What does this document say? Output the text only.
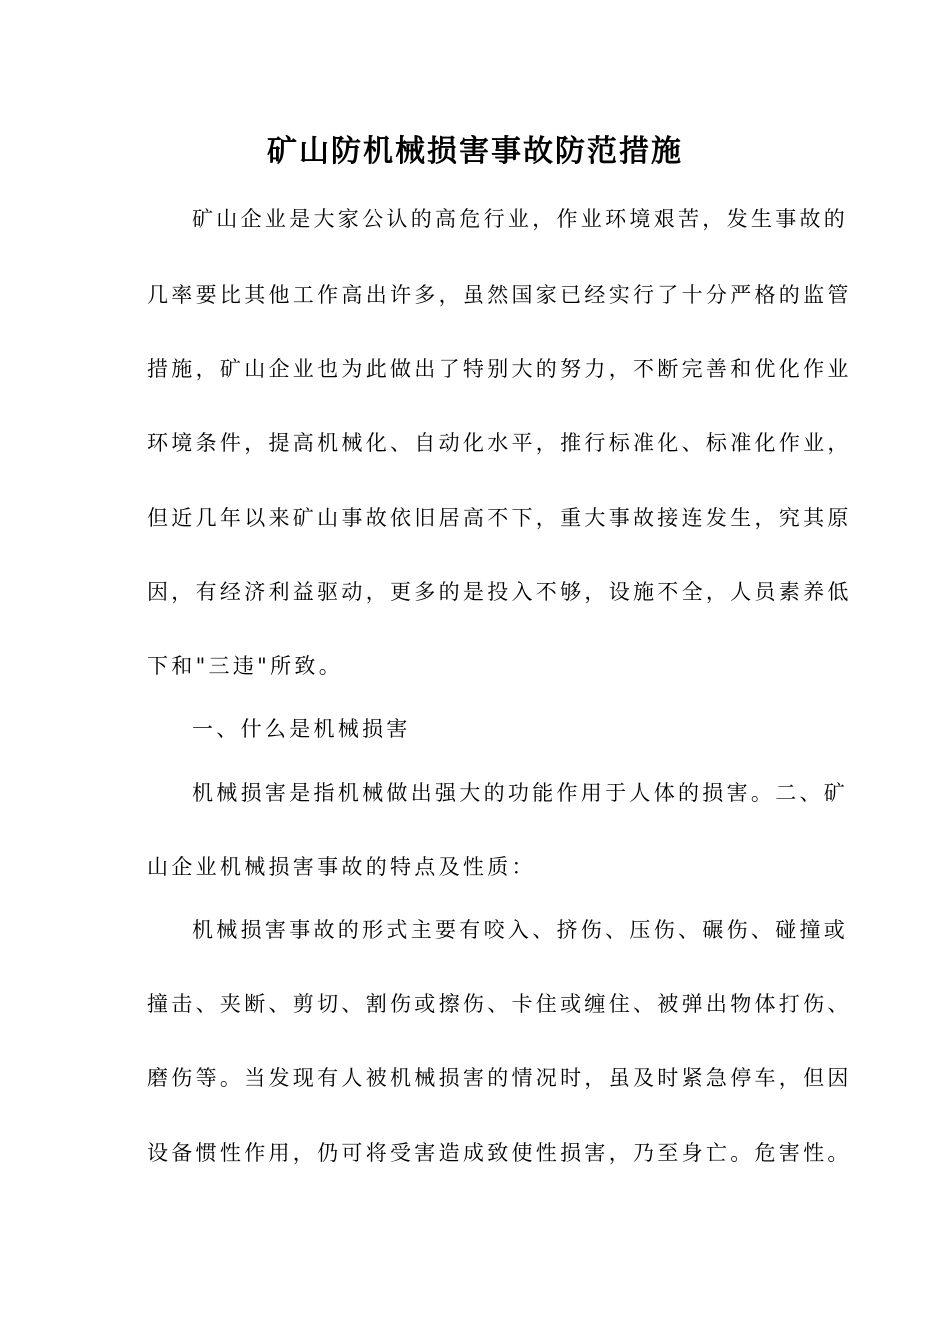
矿山防机械损害事故防范措施
矿山企业是大家公认的高危行业，作业环境艰苦，发生事故的
几率要比其他工作高出许多，虽然国家已经实行了十分严格的监管
措施，矿山企业也为此做出了特别大的努力，不断完善和优化作业
环境条件，提高机械化、自动化水平，推行标准化、标准化作业，
但近几年以来矿山事故依旧居高不下，重大事故接连发生，究其原
因，有经济利益驱动，更多的是投入不够，设施不全，人员素养低
下和"三违"所致。
一、什么是机械损害
机械损害是指机械做出强大的功能作用于人体的损害。二、矿
山企业机械损害事故的特点及性质：
机械损害事故的形式主要有咬入、挤伤、压伤、碾伤、碰撞或
撞击、夹断、剪切、割伤或擦伤、卡住或缠住、被弹出物体打伤、
磨伤等。当发现有人被机械损害的情况时，虽及时紧急停车，但因
设备惯性作用，仍可将受害造成致使性损害，乃至身亡。危害性。
